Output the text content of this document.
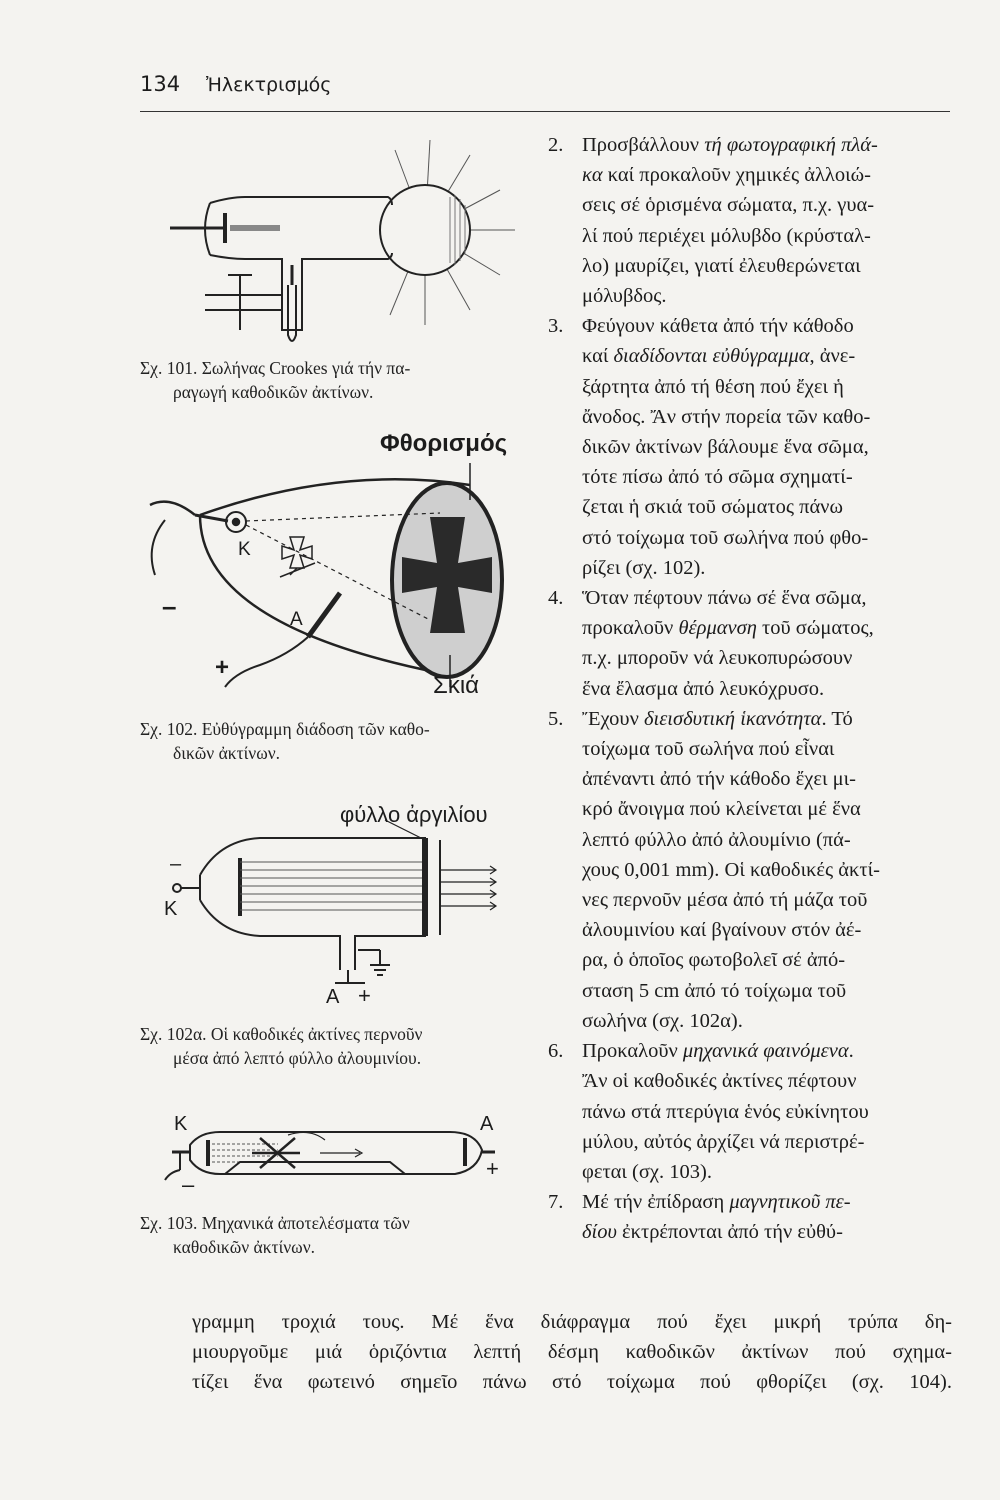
134 Ἠλεκτρισμός
Σχ. 101. Σωλήνας Crookes γιά τήν πα-
ραγωγή καθοδικῶν ἀκτίνων.
Φθορισμός
Σκιά
K
A
–
+
Σχ. 102. Εὐθύγραμμη διάδοση τῶν καθο-
δικῶν ἀκτίνων.
φύλλο ἀργιλίου
–
K
A +
Σχ. 102α. Οἱ καθοδικές ἀκτίνες περνοῦν
μέσα ἀπό λεπτό φύλλο ἀλουμινίου.
K	A
–
+
Σχ. 103. Μηχανικά ἀποτελέσματα τῶν
καθοδικῶν ἀκτίνων.

2. Προσβάλλουν τή φωτογραφική πλά-
κα καί προκαλοῦν χημικές ἀλλοιώ-
σεις σέ ὁρισμένα σώματα, π.χ. γυα-
λί πού περιέχει μόλυβδο (κρύσταλ-
λο) μαυρίζει, γιατί ἐλευθερώνεται
μόλυβδος.

3. Φεύγουν κάθετα ἀπό τήν κάθοδο
καί διαδίδονται εὐθύγραμμα, ἀνε-
ξάρτητα ἀπό τή θέση πού ἔχει ἡ
ἄνοδος. Ἄν στήν πορεία τῶν καθο-
δικῶν ἀκτίνων βάλουμε ἕνα σῶμα,
τότε πίσω ἀπό τό σῶμα σχηματί-
ζεται ἡ σκιά τοῦ σώματος πάνω
στό τοίχωμα τοῦ σωλήνα πού φθο-
ρίζει (σχ. 102).

4. Ὅταν πέφτουν πάνω σέ ἕνα σῶμα,
προκαλοῦν θέρμανση τοῦ σώματος,
π.χ. μποροῦν νά λευκοπυρώσουν
ἕνα ἔλασμα ἀπό λευκόχρυσο.

5. Ἔχουν διεισδυτική ἱκανότητα. Τό
τοίχωμα τοῦ σωλήνα πού εἶναι
ἀπέναντι ἀπό τήν κάθοδο ἔχει μι-
κρό ἄνοιγμα πού κλείνεται μέ ἕνα
λεπτό φύλλο ἀπό ἀλουμίνιο (πά-
χους 0,001 mm). Οἱ καθοδικές ἀκτί-
νες περνοῦν μέσα ἀπό τή μάζα τοῦ
ἀλουμινίου καί βγαίνουν στόν ἀέ-
ρα, ὁ ὁποῖος φωτοβολεῖ σέ ἀπό-
σταση 5 cm ἀπό τό τοίχωμα τοῦ
σωλήνα (σχ. 102α).

6. Προκαλοῦν μηχανικά φαινόμενα.
Ἄν οἱ καθοδικές ἀκτίνες πέφτουν
πάνω στά πτερύγια ἑνός εὐκίνητου
μύλου, αὐτός ἀρχίζει νά περιστρέ-
φεται (σχ. 103).

7. Μέ τήν ἐπίδραση μαγνητικοῦ πε-
δίου ἐκτρέπονται ἀπό τήν εὐθύ-

γραμμη τροχιά τους. Μέ ἕνα διάφραγμα πού ἔχει μικρή τρύπα δη-
μιουργοῦμε μιά ὁριζόντια λεπτή δέσμη καθοδικῶν ἀκτίνων πού σχημα-
τίζει ἕνα φωτεινό σημεῖο πάνω στό τοίχωμα πού φθορίζει (σχ. 104).
